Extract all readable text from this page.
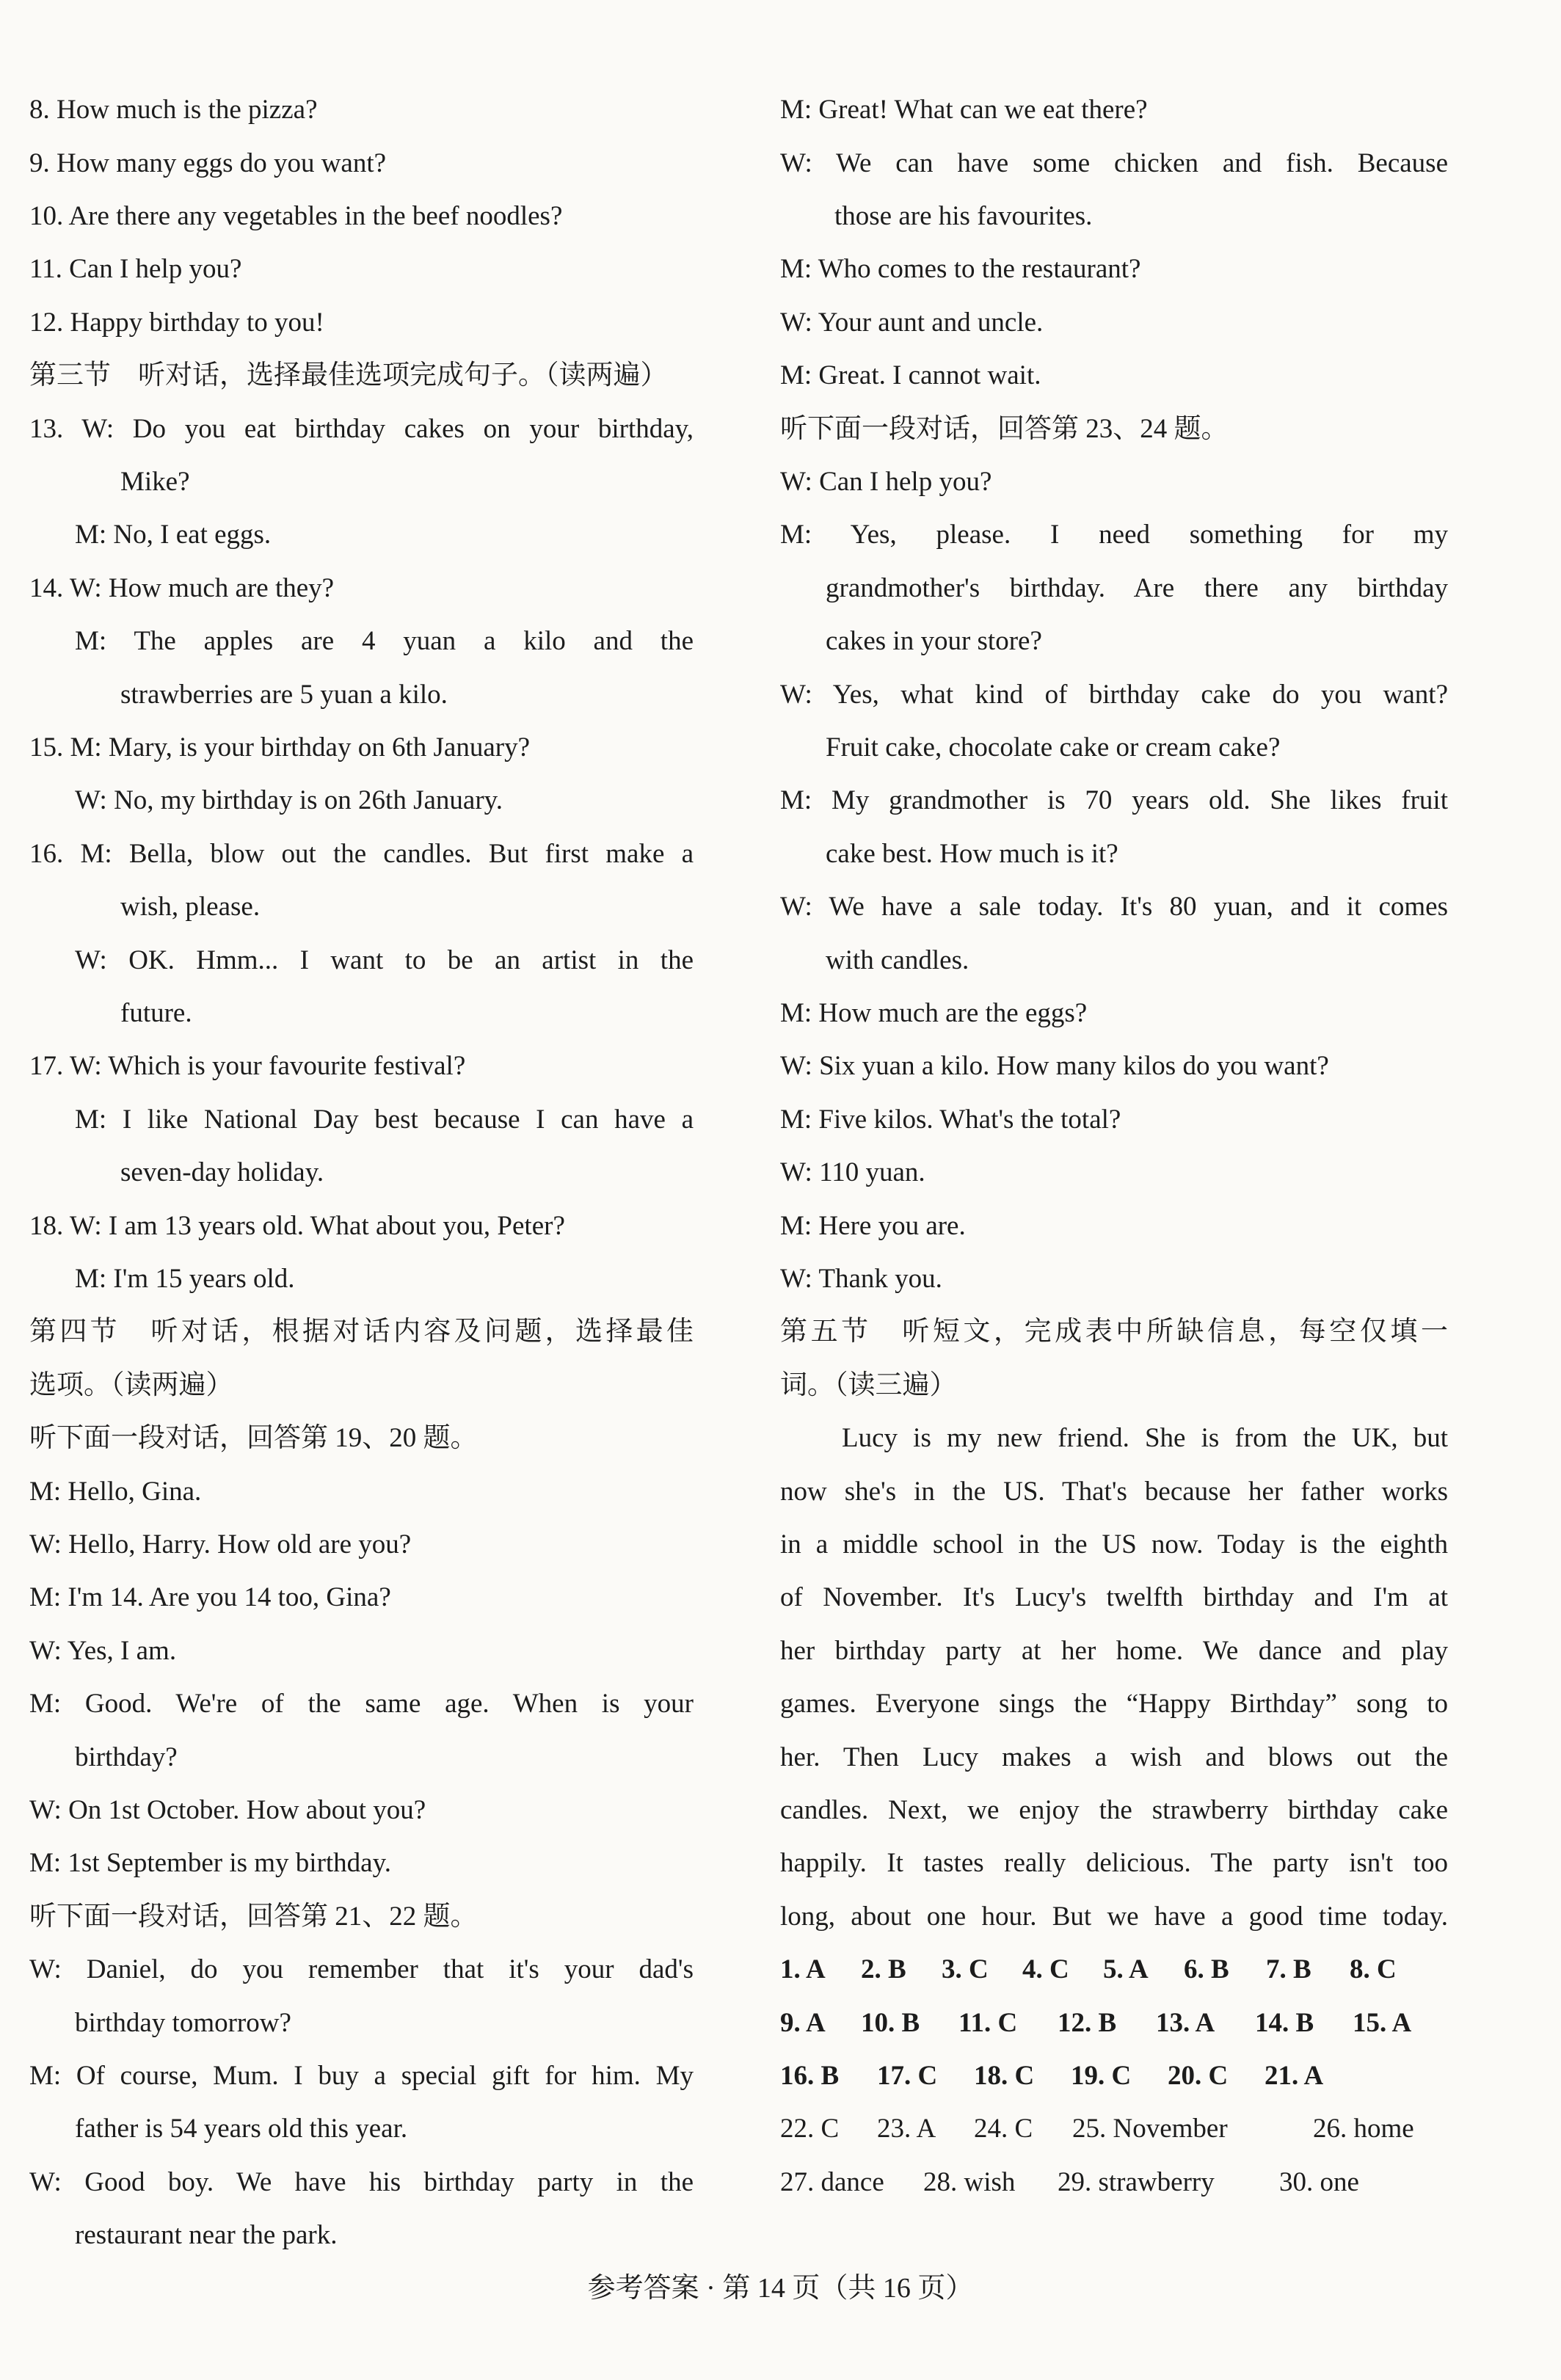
8. How much is the pizza?
9. How many eggs do you want?
10. Are there any vegetables in the beef noodles?
11. Can I help you?
12. Happy birthday to you!
第三节　听对话，选择最佳选项完成句子。（读两遍）
13. W: Do you eat birthday cakes on your birthday,
Mike?
M: No, I eat eggs.
14. W: How much are they?
M: The apples are 4 yuan a kilo and the
strawberries are 5 yuan a kilo.
15. M: Mary, is your birthday on 6th January?
W: No, my birthday is on 26th January.
16. M: Bella, blow out the candles. But first make a
wish, please.
W: OK. Hmm... I want to be an artist in the
future.
17. W: Which is your favourite festival?
M: I like National Day best because I can have a
seven-day holiday.
18. W: I am 13 years old. What about you, Peter?
M: I'm 15 years old.
第四节　听对话，根据对话内容及问题，选择最佳
选项。（读两遍）
听下面一段对话，回答第 19、20 题。
M: Hello, Gina.
W: Hello, Harry. How old are you?
M: I'm 14. Are you 14 too, Gina?
W: Yes, I am.
M: Good. We're of the same age. When is your
birthday?
W: On 1st October. How about you?
M: 1st September is my birthday.
听下面一段对话，回答第 21、22 题。
W: Daniel, do you remember that it's your dad's
birthday tomorrow?
M: Of course, Mum. I buy a special gift for him. My
father is 54 years old this year.
W: Good boy. We have his birthday party in the
restaurant near the park.
M: Great! What can we eat there?
W: We can have some chicken and fish. Because
those are his favourites.
M: Who comes to the restaurant?
W: Your aunt and uncle.
M: Great. I cannot wait.
听下面一段对话，回答第 23、24 题。
W: Can I help you?
M: Yes, please. I need something for my
grandmother's birthday. Are there any birthday
cakes in your store?
W: Yes, what kind of birthday cake do you want?
Fruit cake, chocolate cake or cream cake?
M: My grandmother is 70 years old. She likes fruit
cake best. How much is it?
W: We have a sale today. It's 80 yuan, and it comes
with candles.
M: How much are the eggs?
W: Six yuan a kilo. How many kilos do you want?
M: Five kilos. What's the total?
W: 110 yuan.
M: Here you are.
W: Thank you.
第五节　听短文，完成表中所缺信息，每空仅填一
词。（读三遍）
Lucy is my new friend. She is from the UK, but
now she's in the US. That's because her father works
in a middle school in the US now. Today is the eighth
of November. It's Lucy's twelfth birthday and I'm at
her birthday party at her home. We dance and play
games. Everyone sings the “Happy Birthday” song to
her. Then Lucy makes a wish and blows out the
candles. Next, we enjoy the strawberry birthday cake
happily. It tastes really delicious. The party isn't too
long, about one hour. But we have a good time today.
1. A 2. B 3. C 4. C 5. A 6. B 7. B 8. C
9. A 10. B 11. C 12. B 13. A 14. B 15. A
16. B 17. C 18. C 19. C 20. C 21. A
22. C 23. A 24. C 25. November	26. home
27. dance 28. wish 29. strawberry 30. one
参考答案 · 第 14 页（共 16 页）
